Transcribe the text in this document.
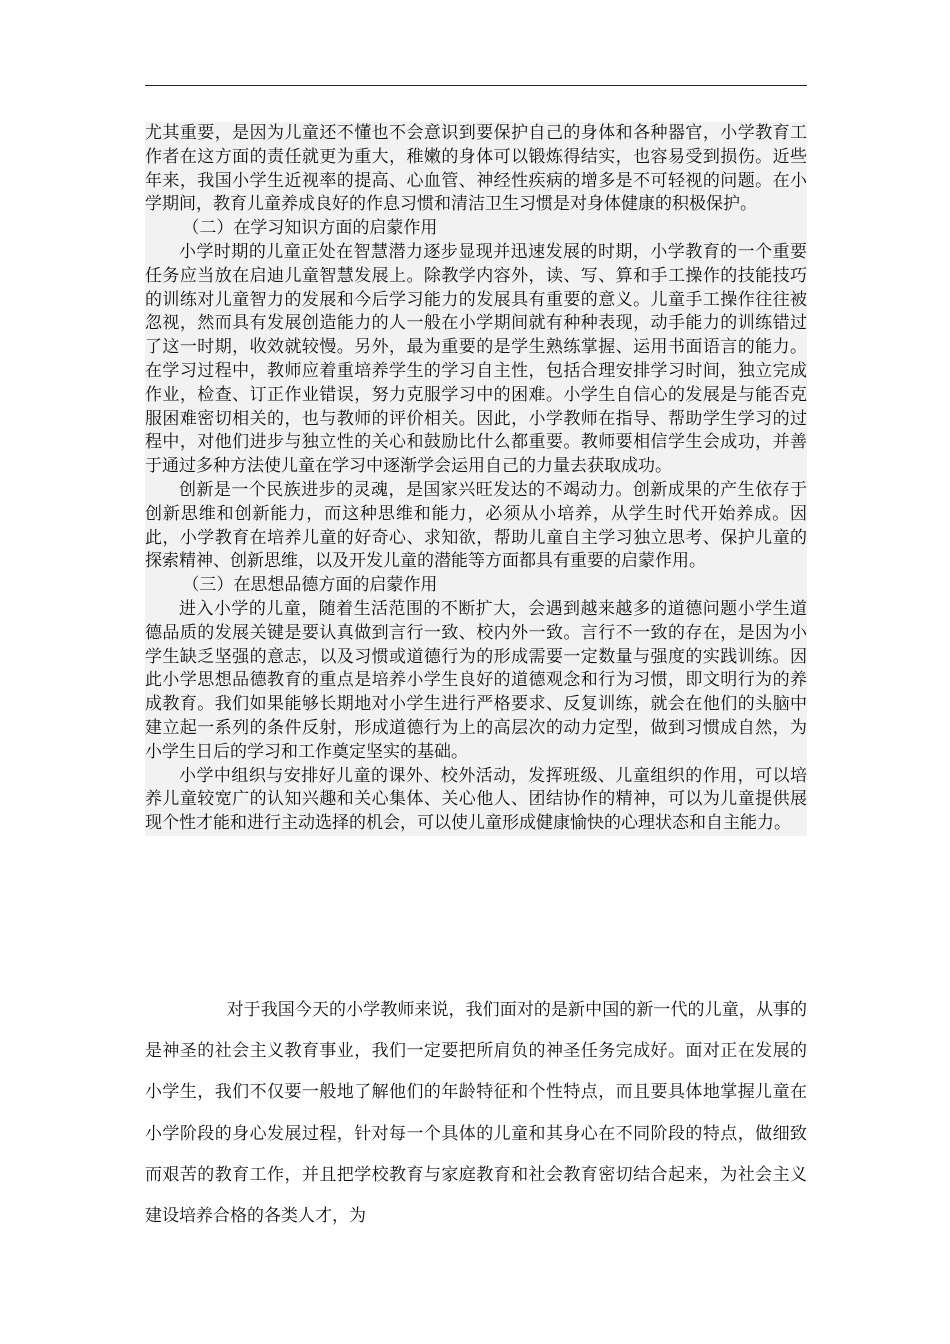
尤其重要，是因为儿童还不懂也不会意识到要保护自己的身体和各种器官，小学教育工作者在这方面的责任就更为重大，稚嫩的身体可以锻炼得结实，也容易受到损伤。近些年来，我国小学生近视率的提高、心血管、神经性疾病的增多是不可轻视的问题。在小学期间，教育儿童养成良好的作息习惯和清洁卫生习惯是对身体健康的积极保护。

（二）在学习知识方面的启蒙作用

小学时期的儿童正处在智慧潜力逐步显现并迅速发展的时期，小学教育的一个重要任务应当放在启迪儿童智慧发展上。除教学内容外，读、写、算和手工操作的技能技巧的训练对儿童智力的发展和今后学习能力的发展具有重要的意义。儿童手工操作往往被忽视，然而具有发展创造能力的人一般在小学期间就有种种表现，动手能力的训练错过了这一时期，收效就较慢。另外，最为重要的是学生熟练掌握、运用书面语言的能力。在学习过程中，教师应着重培养学生的学习自主性，包括合理安排学习时间，独立完成作业，检查、订正作业错误，努力克服学习中的困难。小学生自信心的发展是与能否克服困难密切相关的，也与教师的评价相关。因此，小学教师在指导、帮助学生学习的过程中，对他们进步与独立性的关心和鼓励比什么都重要。教师要相信学生会成功，并善于通过多种方法使儿童在学习中逐渐学会运用自己的力量去获取成功。

创新是一个民族进步的灵魂，是国家兴旺发达的不竭动力。创新成果的产生依存于创新思维和创新能力，而这种思维和能力，必须从小培养，从学生时代开始养成。因此，小学教育在培养儿童的好奇心、求知欲，帮助儿童自主学习独立思考、保护儿童的探索精神、创新思维，以及开发儿童的潜能等方面都具有重要的启蒙作用。

（三）在思想品德方面的启蒙作用

进入小学的儿童，随着生活范围的不断扩大，会遇到越来越多的道德问题小学生道德品质的发展关键是要认真做到言行一致、校内外一致。言行不一致的存在，是因为小学生缺乏坚强的意志，以及习惯或道德行为的形成需要一定数量与强度的实践训练。因此小学思想品德教育的重点是培养小学生良好的道德观念和行为习惯，即文明行为的养成教育。我们如果能够长期地对小学生进行严格要求、反复训练，就会在他们的头脑中建立起一系列的条件反射，形成道德行为上的高层次的动力定型，做到习惯成自然，为小学生日后的学习和工作奠定坚实的基础。

小学中组织与安排好儿童的课外、校外活动，发挥班级、儿童组织的作用，可以培养儿童较宽广的认知兴趣和关心集体、关心他人、团结协作的精神，可以为儿童提供展现个性才能和进行主动选择的机会，可以使儿童形成健康愉快的心理状态和自主能力。

对于我国今天的小学教师来说，我们面对的是新中国的新一代的儿童，从事的是神圣的社会主义教育事业，我们一定要把所肩负的神圣任务完成好。面对正在发展的小学生，我们不仅要一般地了解他们的年龄特征和个性特点，而且要具体地掌握儿童在小学阶段的身心发展过程，针对每一个具体的儿童和其身心在不同阶段的特点，做细致而艰苦的教育工作，并且把学校教育与家庭教育和社会教育密切结合起来，为社会主义建设培养合格的各类人才，为
